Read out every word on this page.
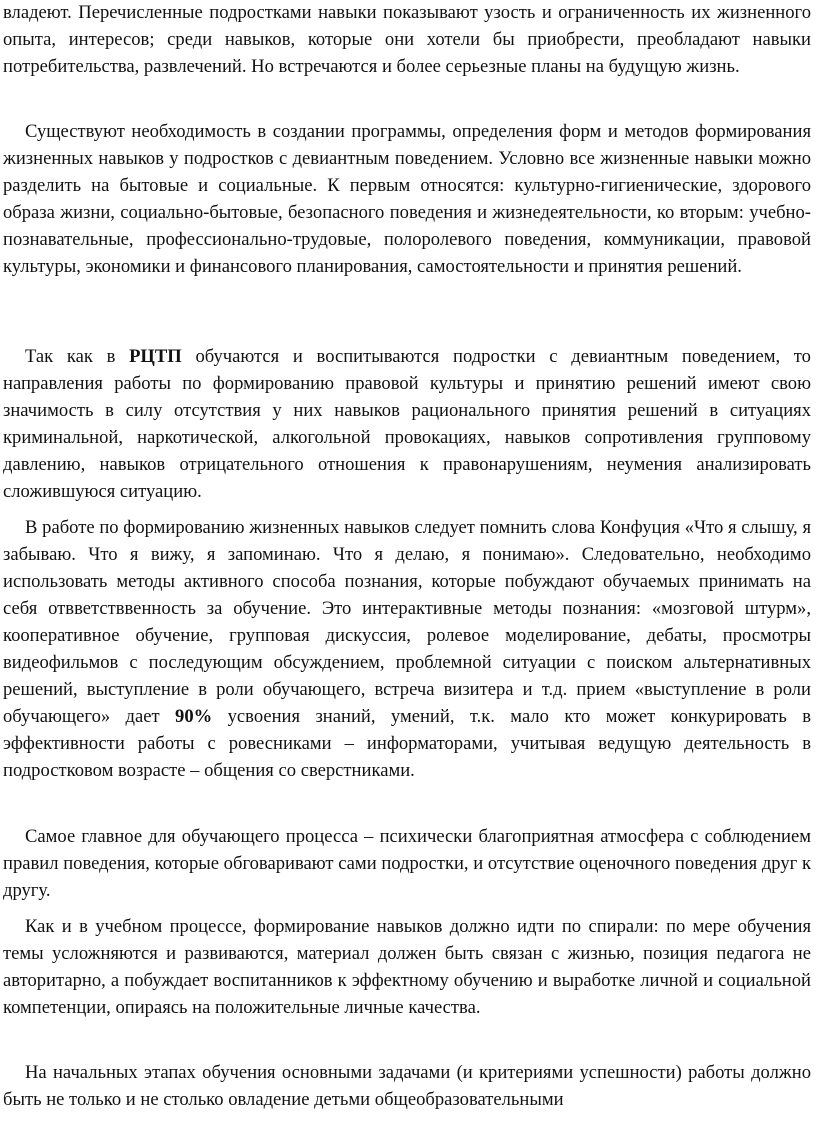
владеют. Перечисленные подростками навыки показывают узость и ограниченность их жизненного опыта, интересов; среди навыков, которые они хотели бы приобрести, преобладают навыки потребительства, развлечений. Но встречаются и более серьезные планы на будущую жизнь.

Существуют необходимость в создании программы, определения форм и методов формирования жизненных навыков у подростков с девиантным поведением. Условно все жизненные навыки можно разделить на бытовые и социальные. К первым относятся: культурно-гигиенические, здорового образа жизни, социально-бытовые, безопасного поведения и жизнедеятельности, ко вторым: учебно-познавательные, профессионально-трудовые, полоролевого поведения, коммуникации, правовой культуры, экономики и финансового планирования, самостоятельности и принятия решений.

Так как в РЦТП обучаются и воспитываются подростки с девиантным поведением, то направления работы по формированию правовой культуры и принятию решений имеют свою значимость в силу отсутствия у них навыков рационального принятия решений в ситуациях криминальной, наркотической, алкогольной провокациях, навыков сопротивления групповому давлению, навыков отрицательного отношения к правонарушениям, неумения анализировать сложившуюся ситуацию.

В работе по формированию жизненных навыков следует помнить слова Конфуция «Что я слышу, я забываю. Что я вижу, я запоминаю. Что я делаю, я понимаю». Следовательно, необходимо использовать методы активного способа познания, которые побуждают обучаемых принимать на себя отвветстввенность за обучение. Это интерактивные методы познания: «мозговой штурм», кооперативное обучение, групповая дискуссия, ролевое моделирование, дебаты, просмотры видеофильмов с последующим обсуждением, проблемной ситуации с поиском альтернативных решений, выступление в роли обучающего, встреча визитера и т.д. прием «выступление в роли обучающего» дает 90% усвоения знаний, умений, т.к. мало кто может конкурировать в эффективности работы с ровесниками – информаторами, учитывая ведущую деятельность в подростковом возрасте – общения со сверстниками.

Самое главное для обучающего процесса – психически благоприятная атмосфера с соблюдением правил поведения, которые обговаривают сами подростки, и отсутствие оценочного поведения друг к другу.

Как и в учебном процессе, формирование навыков должно идти по спирали: по мере обучения темы усложняются и развиваются, материал должен быть связан с жизнью, позиция педагога не авторитарно, а побуждает воспитанников к эффектному обучению и выработке личной и социальной компетенции, опираясь на положительные личные качества.

На начальных этапах обучения основными задачами (и критериями успешности) работы должно быть не только и не столько овладение детьми общеобразовательными
